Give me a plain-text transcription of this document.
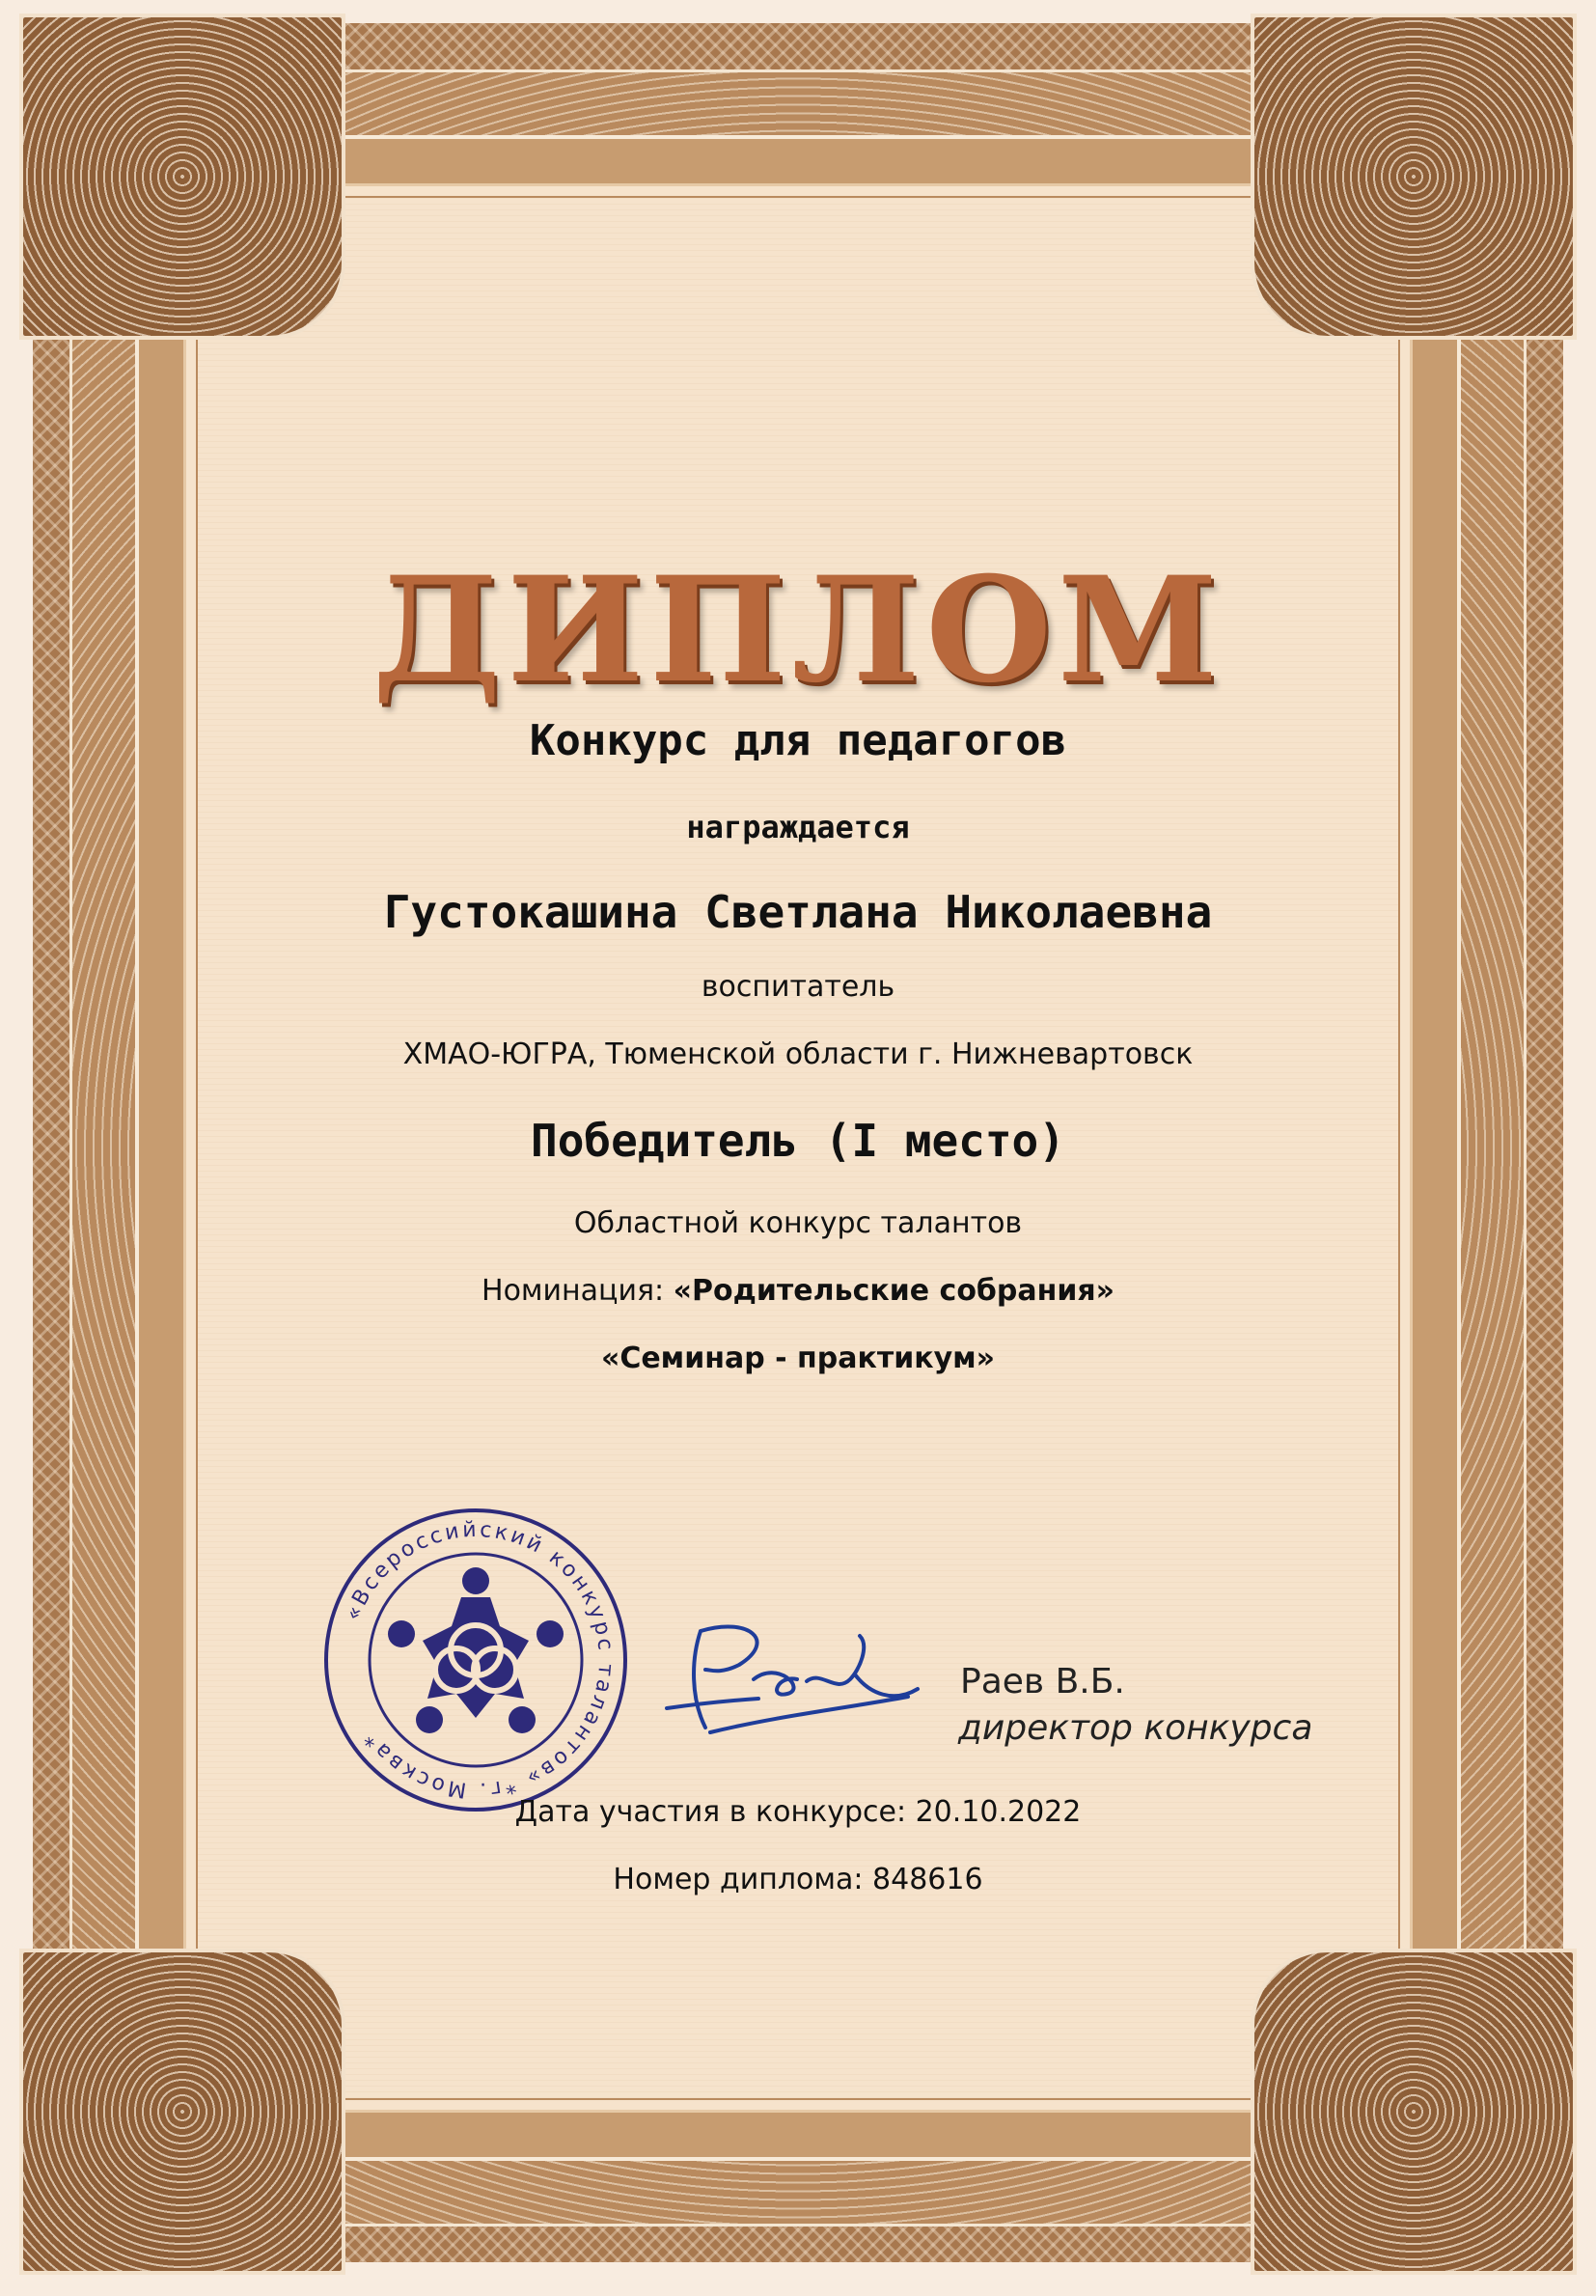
ДИПЛОМ
Конкурс для педагогов
награждается
Густокашина Светлана Николаевна
воспитатель
ХМАО-ЮГРА, Тюменской области г. Нижневартовск
Победитель (I место)
Областной конкурс талантов
Номинация: «Родительские собрания»
«Семинар - практикум»
«Всероссийский конкурс талантов» *г. Москва*
Раев В.Б.
директор конкурса
Дата участия в конкурсе: 20.10.2022
Номер диплома: 848616
